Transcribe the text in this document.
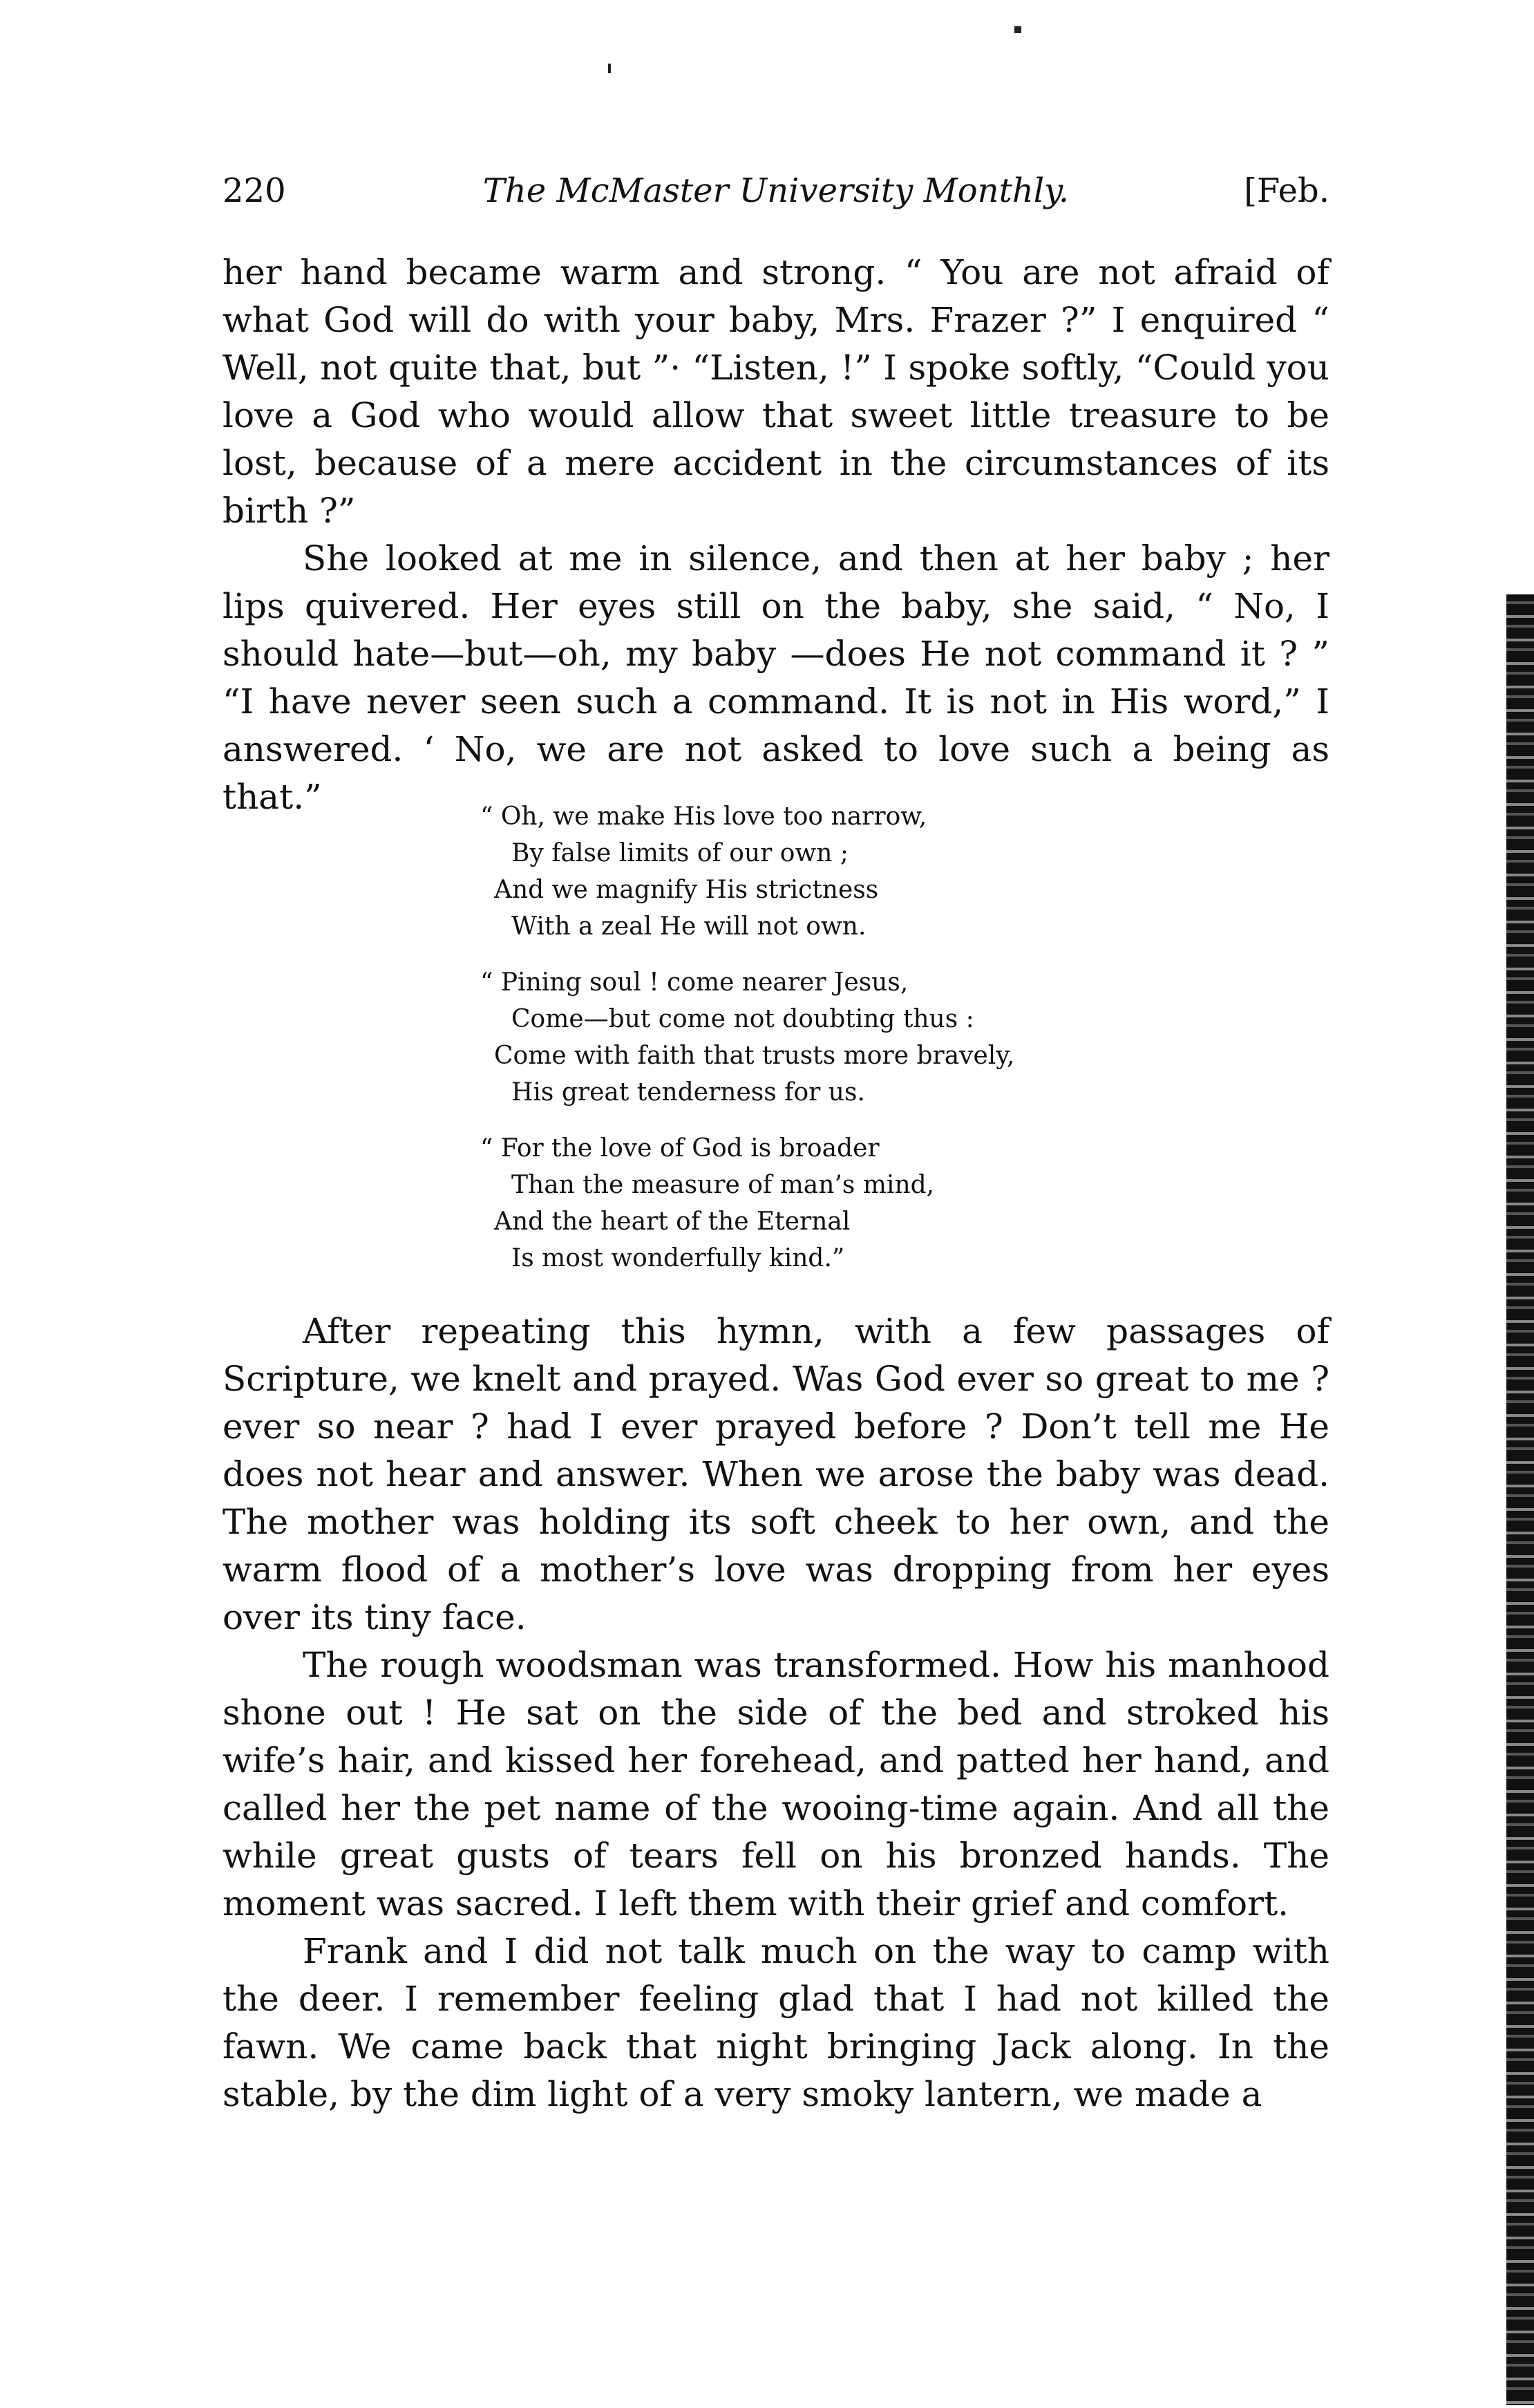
220	The McMaster University Monthly.	[Feb.

her hand became warm and strong. “ You are not afraid of what God will do with your baby, Mrs. Frazer ?” I enquired “ Well, not quite that, but ”· “Listen, !” I spoke softly, “Could you love a God who would allow that sweet little treasure to be lost, because of a mere accident in the circumstances of its birth ?”

She looked at me in silence, and then at her baby ; her lips quivered. Her eyes still on the baby, she said, “ No, I should hate—but—oh, my baby —does He not command it ? ” “I have never seen such a command. It is not in His word,” I answered. ‘ No, we are not asked to love such a being as that.”	“ Oh, we make His love too narrow,
By false limits of our own ;
And we magnify His strictness
With a zeal He will not own.
“ Pining soul ! come nearer Jesus,
Come—but come not doubting thus :
Come with faith that trusts more bravely,
His great tenderness for us.
“ For the love of God is broader
Than the measure of man’s mind,
And the heart of the Eternal
Is most wonderfully kind.”

After repeating this hymn, with a few passages of Scripture, we knelt and prayed. Was God ever so great to me ? ever so near ? had I ever prayed before ? Don’t tell me He does not hear and answer. When we arose the baby was dead. The mother was holding its soft cheek to her own, and the warm flood of a mother’s love was dropping from her eyes over its tiny face.

The rough woodsman was transformed. How his manhood shone out ! He sat on the side of the bed and stroked his wife’s hair, and kissed her forehead, and patted her hand, and called her the pet name of the wooing-time again. And all the while great gusts of tears fell on his bronzed hands. The moment was sacred. I left them with their grief and comfort.

Frank and I did not talk much on the way to camp with the deer. I remember feeling glad that I had not killed the fawn. We came back that night bringing Jack along. In the stable, by the dim light of a very smoky lantern, we made a
